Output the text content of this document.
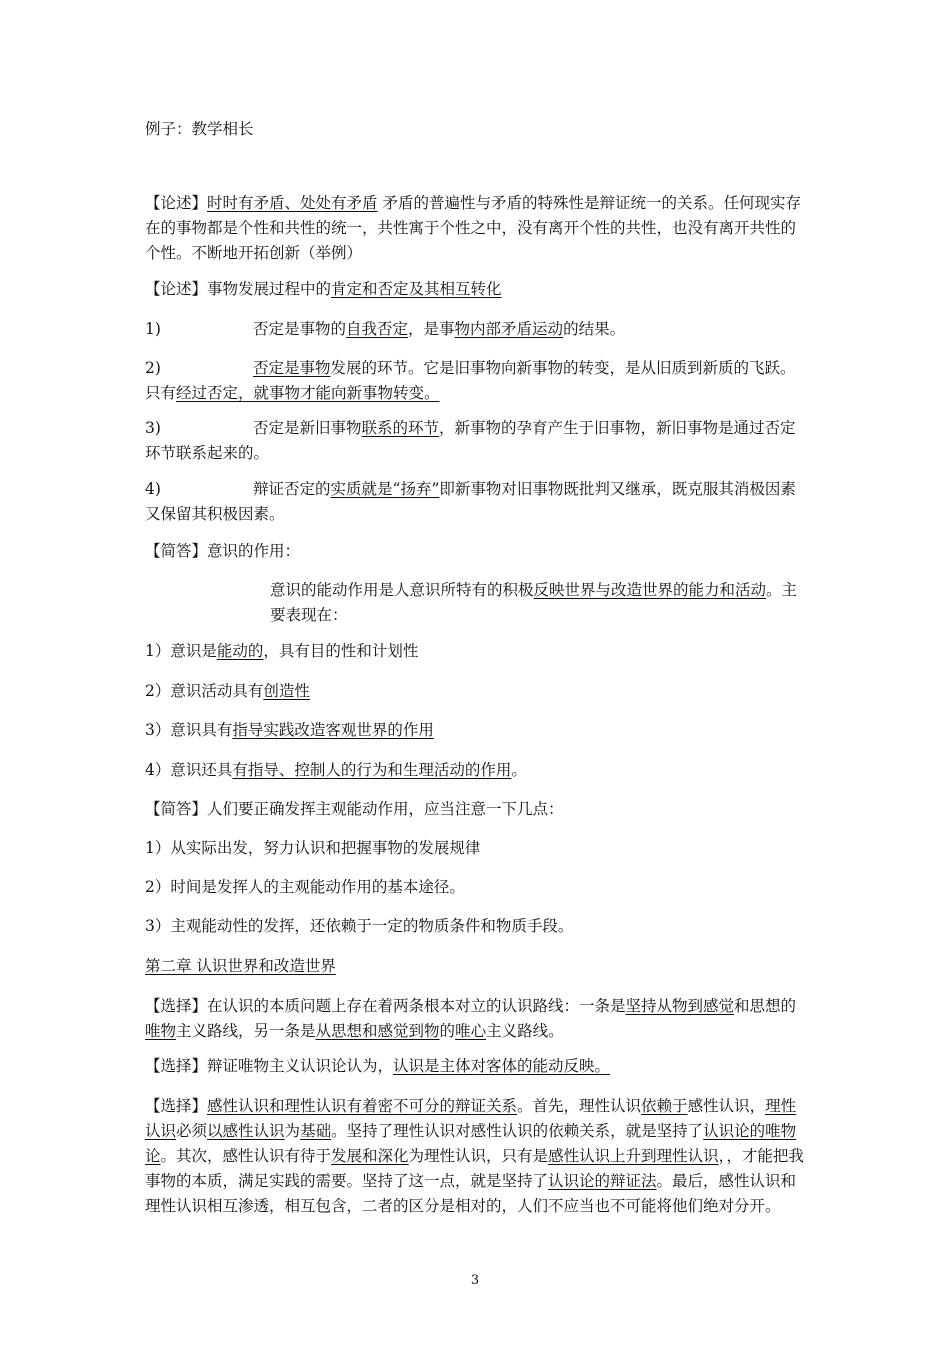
例子：教学相长

【论述】时时有矛盾、处处有矛盾 矛盾的普遍性与矛盾的特殊性是辩证统一的关系。任何现实存在的事物都是个性和共性的统一，共性寓于个性之中，没有离开个性的共性，也没有离开共性的个性。不断地开拓创新（举例）

【论述】事物发展过程中的肯定和否定及其相互转化

1)	否定是事物的自我否定，是事物内部矛盾运动的结果。

2)	否定是事物发展的环节。它是旧事物向新事物的转变，是从旧质到新质的飞跃。只有经过否定，就事物才能向新事物转变。

3)	否定是新旧事物联系的环节，新事物的孕育产生于旧事物，新旧事物是通过否定环节联系起来的。

4)	辩证否定的实质就是“扬弃”即新事物对旧事物既批判又继承，既克服其消极因素又保留其积极因素。

【简答】意识的作用：

意识的能动作用是人意识所特有的积极反映世界与改造世界的能力和活动。主要表现在：

1）意识是能动的，具有目的性和计划性

2）意识活动具有创造性

3）意识具有指导实践改造客观世界的作用

4）意识还具有指导、控制人的行为和生理活动的作用。

【简答】人们要正确发挥主观能动作用，应当注意一下几点：

1）从实际出发，努力认识和把握事物的发展规律

2）时间是发挥人的主观能动作用的基本途径。

3）主观能动性的发挥，还依赖于一定的物质条件和物质手段。

第二章 认识世界和改造世界

【选择】在认识的本质问题上存在着两条根本对立的认识路线：一条是坚持从物到感觉和思想的唯物主义路线，另一条是从思想和感觉到物的唯心主义路线。

【选择】辩证唯物主义认识论认为，认识是主体对客体的能动反映。

【选择】感性认识和理性认识有着密不可分的辩证关系。首先，理性认识依赖于感性认识，理性认识必须以感性认识为基础。坚持了理性认识对感性认识的依赖关系，就是坚持了认识论的唯物论。其次，感性认识有待于发展和深化为理性认识，只有是感性认识上升到理性认识，，才能把我事物的本质，满足实践的需要。坚持了这一点，就是坚持了认识论的辩证法。最后，感性认识和理性认识相互渗透，相互包含，二者的区分是相对的，人们不应当也不可能将他们绝对分开。

3
